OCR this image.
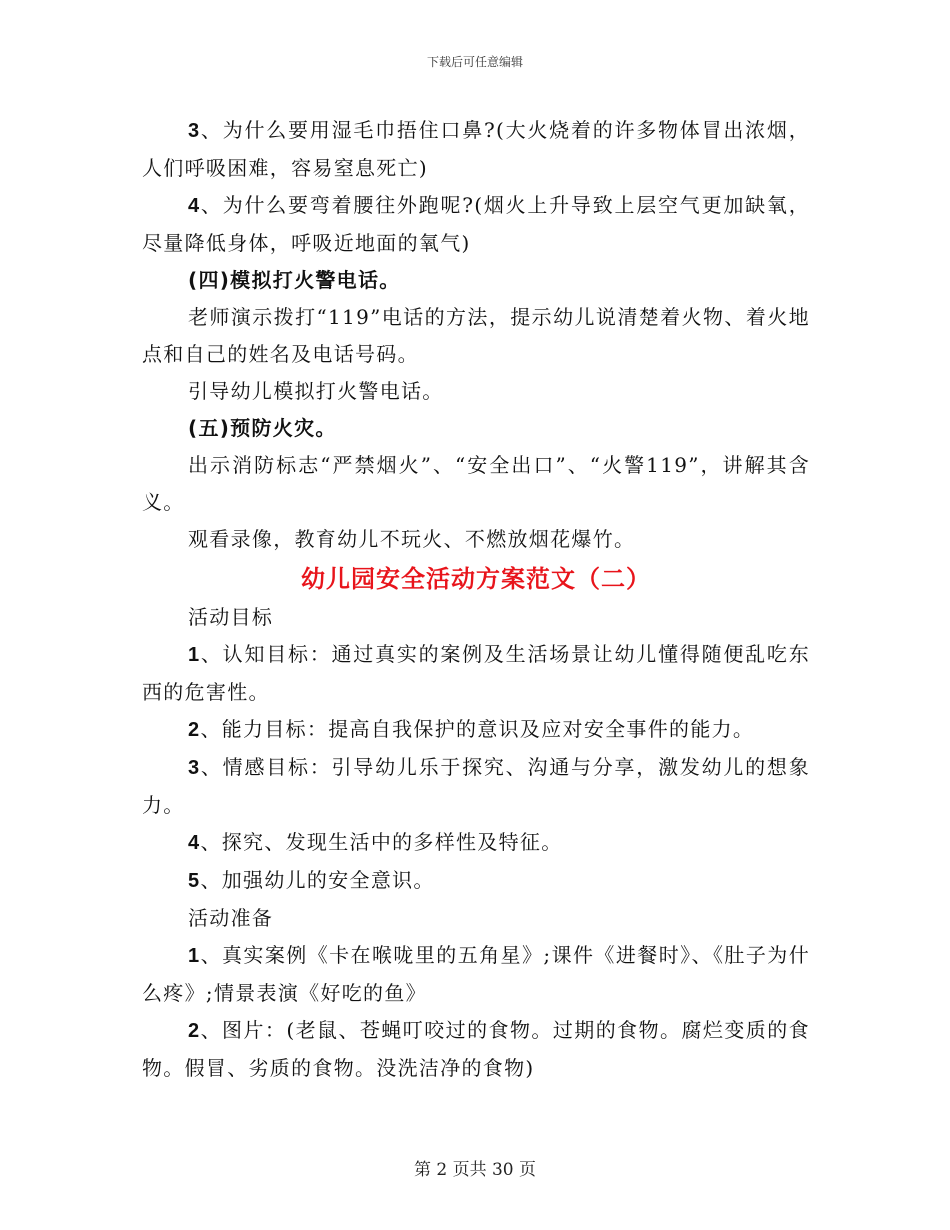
下载后可任意编辑

3、为什么要用湿毛巾捂住口鼻?(大火烧着的许多物体冒出浓烟，人们呼吸困难，容易窒息死亡)

4、为什么要弯着腰往外跑呢?(烟火上升导致上层空气更加缺氧，尽量降低身体，呼吸近地面的氧气)

(四)模拟打火警电话。

老师演示拨打“119”电话的方法，提示幼儿说清楚着火物、着火地点和自己的姓名及电话号码。

引导幼儿模拟打火警电话。

(五)预防火灾。

出示消防标志“严禁烟火”、“安全出口”、“火警119”，讲解其含义。

观看录像，教育幼儿不玩火、不燃放烟花爆竹。

幼儿园安全活动方案范文（二）

活动目标

1、认知目标：通过真实的案例及生活场景让幼儿懂得随便乱吃东西的危害性。

2、能力目标：提高自我保护的意识及应对安全事件的能力。

3、情感目标：引导幼儿乐于探究、沟通与分享，激发幼儿的想象力。

4、探究、发现生活中的多样性及特征。

5、加强幼儿的安全意识。

活动准备

1、真实案例《卡在喉咙里的五角星》;课件《进餐时》、《肚子为什么疼》;情景表演《好吃的鱼》

2、图片：(老鼠、苍蝇叮咬过的食物。过期的食物。腐烂变质的食物。假冒、劣质的食物。没洗洁净的食物)

第 2 页共 30 页
